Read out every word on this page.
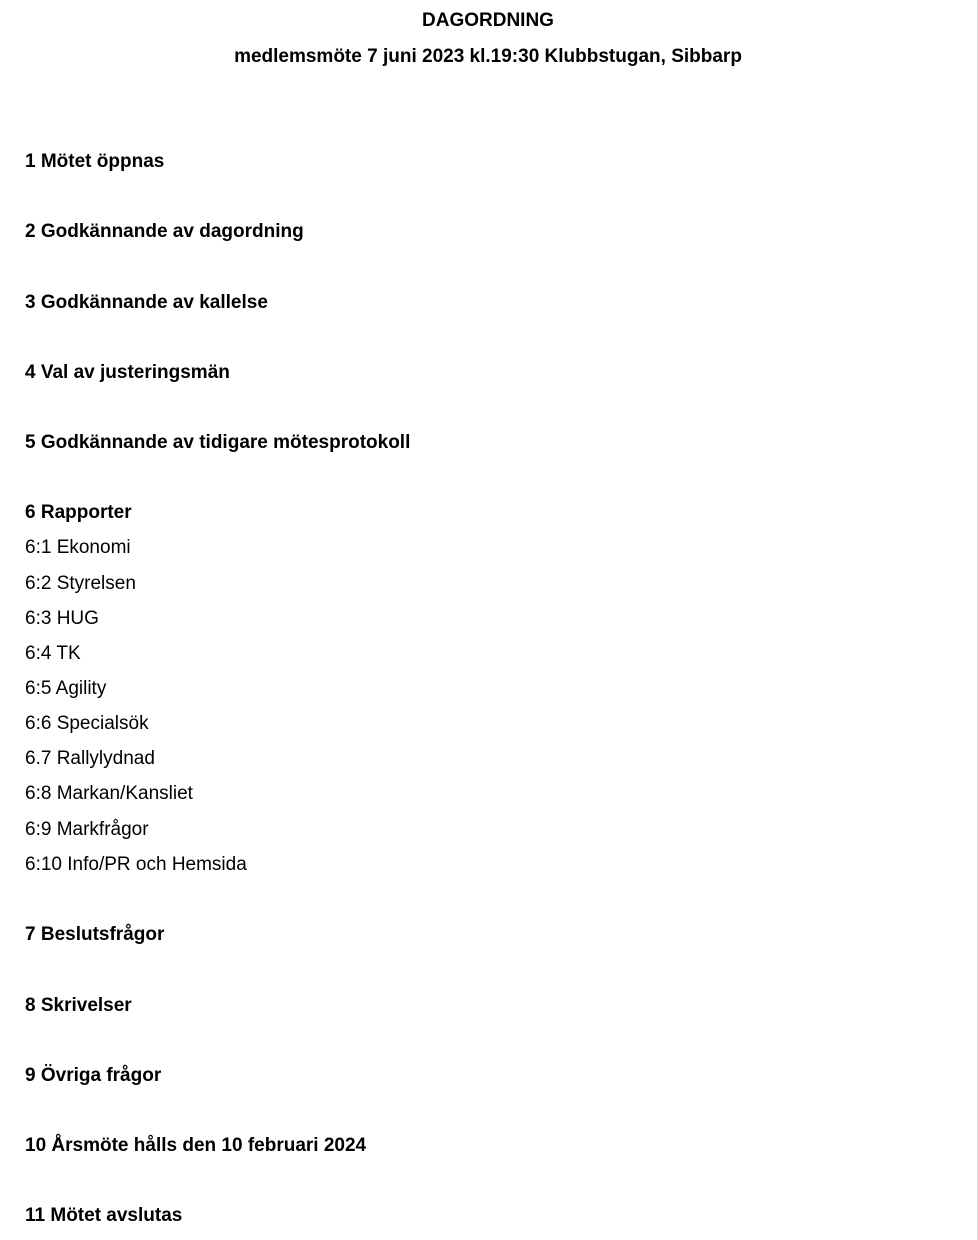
DAGORDNING
medlemsmöte 7 juni 2023 kl.19:30 Klubbstugan, Sibbarp
1 Mötet öppnas
2 Godkännande av dagordning
3 Godkännande av kallelse
4 Val av justeringsmän
5 Godkännande av tidigare mötesprotokoll
6 Rapporter
6:1 Ekonomi
6:2 Styrelsen
6:3 HUG
6:4 TK
6:5 Agility
6:6 Specialsök
6.7 Rallylydnad
6:8 Markan/Kansliet
6:9 Markfrågor
6:10 Info/PR och Hemsida
7 Beslutsfrågor
8 Skrivelser
9 Övriga frågor
10 Årsmöte hålls den 10 februari 2024
11 Mötet avslutas
